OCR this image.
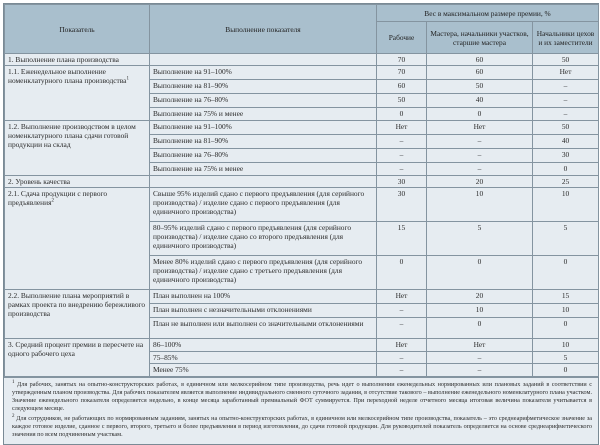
Показатель	Выполнение показателя	Вес в максимальном размере премии, %		
		Рабочие	Мастера, начальники участков, старшие мастера	Начальники цехов и их заместители
1. Выполнение плана производства		70	60	50
1.1. Еженедельное выполнение номенклатурного плана производства$^1$	Выполнение на 91–100%	70	60	Нет
	Выполнение на 81–90%	60	50	–
	Выполнение на 76–80%	50	40	–
	Выполнение на 75% и менее	0	0	–
1.2. Выполнение производством в целом номенклатурного плана сдачи готовой продукции на склад	Выполнение на 91–100%	Нет	Нет	50
	Выполнение на 81–90%	–	–	40
	Выполнение на 76–80%	–	–	30
	Выполнение на 75% и менее	–	–	0
2. Уровень качества		30	20	25
2.1. Сдача продукции с первого предъявления$^2$	Свыше 95% изделий сдано с первого предъявления (для серийного производства) / изделие сдано с первого предъявления (для единичного производства)	30	10	10
	80–95% изделий сдано с первого предъявления (для серийного производства) / изделие сдано со второго предъявления (для единичного производства)	15	5	5
	Менее 80% изделий сдано с первого предъявления (для серийного производства) / изделие сдано с третьего предъявления (для единичного производства)	0	0	0
2.2. Выполнение плана мероприятий в рамках проекта по внедрению бережливого производства	План выполнен на 100%	Нет	20	15
	План выполнен с незначительными отклонениями	–	10	10
	План не выполнен или выполнен со значительными отклонениями	–	0	0
3. Средний процент премии в пересчете на одного рабочего цеха	86–100%	Нет	Нет	10
	75–85%	–	–	5
	Менее 75%	–	–	0

$^1$ Для рабочих, занятых на опытно-конструкторских работах, в единичном или мелкосерийном типе производства, речь идет о выполнении еженедельных нормированных или плановых заданий в соответствии с утвержденным планом производства. Для рабочих показателем является выполнение индивидуального сменного суточного задания, в отсутствие такового – выполнение еженедельного номенклатурного плана участком. Значение еженедельного показателя определяется недельно, в конце месяца заработанный премиальный ФОТ суммируется. При переходной неделе отчетного месяца итоговая величина показателя учитывается в следующем месяце.

$^2$ Для сотрудников, не работающих по нормированным заданиям, занятых на опытно-конструкторских работах, в единичном или мелкосерийном типе производства, показатель – это среднеарифметическое значение за каждое готовое изделие, сданное с первого, второго, третьего и более предъявления в период изготовления, до сдачи готовой продукции. Для руководителей показатель определяется на основе среднеарифметического значения по всем подчиненным участкам.
